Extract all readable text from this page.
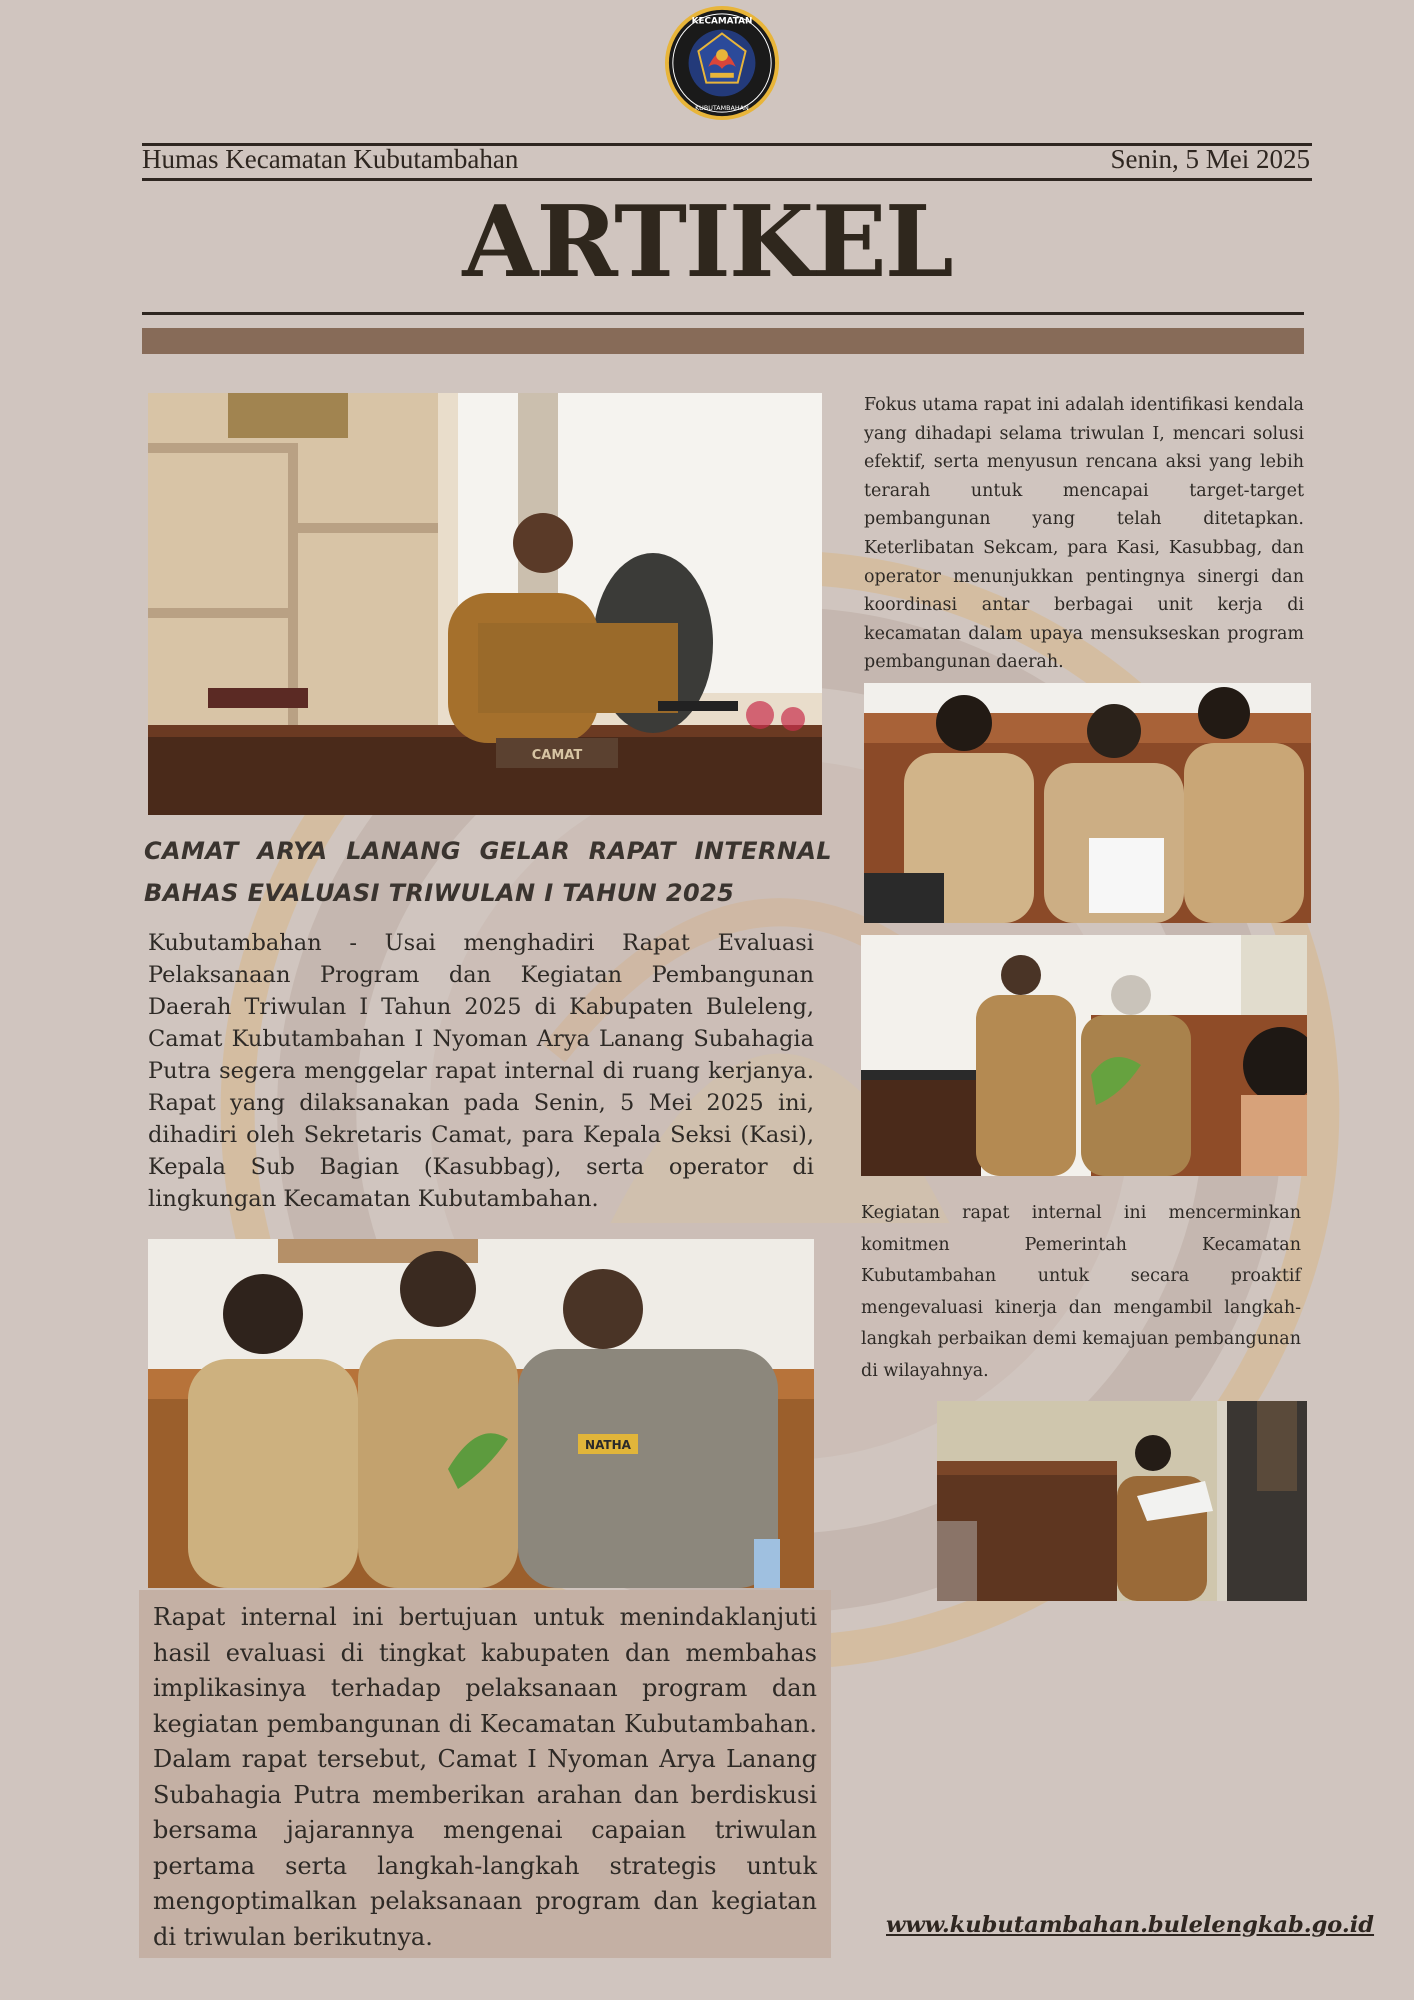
KECAMATAN
KUBUTAMBAHAN
Humas Kecamatan Kubutambahan	Senin, 5 Mei 2025
ARTIKEL
CAMAT
CAMAT ARYA LANANG GELAR RAPAT INTERNAL BAHAS EVALUASI TRIWULAN I TAHUN 2025
Kubutambahan - Usai menghadiri Rapat Evaluasi Pelaksanaan Program dan Kegiatan Pembangunan Daerah Triwulan I Tahun 2025 di Kabupaten Buleleng, Camat Kubutambahan I Nyoman Arya Lanang Subahagia Putra segera menggelar rapat internal di ruang kerjanya. Rapat yang dilaksanakan pada Senin, 5 Mei 2025 ini, dihadiri oleh Sekretaris Camat, para Kepala Seksi (Kasi), Kepala Sub Bagian (Kasubbag), serta operator di lingkungan Kecamatan Kubutambahan.
NATHA
Rapat internal ini bertujuan untuk menindaklanjuti hasil evaluasi di tingkat kabupaten dan membahas implikasinya terhadap pelaksanaan program dan kegiatan pembangunan di Kecamatan Kubutambahan. Dalam rapat tersebut, Camat I Nyoman Arya Lanang Subahagia Putra memberikan arahan dan berdiskusi bersama jajarannya mengenai capaian triwulan pertama serta langkah-langkah strategis untuk mengoptimalkan pelaksanaan program dan kegiatan di triwulan berikutnya.
Fokus utama rapat ini adalah identifikasi kendala yang dihadapi selama triwulan I, mencari solusi efektif, serta menyusun rencana aksi yang lebih terarah untuk mencapai target-target pembangunan yang telah ditetapkan. Keterlibatan Sekcam, para Kasi, Kasubbag, dan operator menunjukkan pentingnya sinergi dan koordinasi antar berbagai unit kerja di kecamatan dalam upaya mensukseskan program pembangunan daerah.
Kegiatan rapat internal ini mencerminkan komitmen Pemerintah Kecamatan Kubutambahan untuk secara proaktif mengevaluasi kinerja dan mengambil langkah-langkah perbaikan demi kemajuan pembangunan di wilayahnya.
www.kubutambahan.bulelengkab.go.id
